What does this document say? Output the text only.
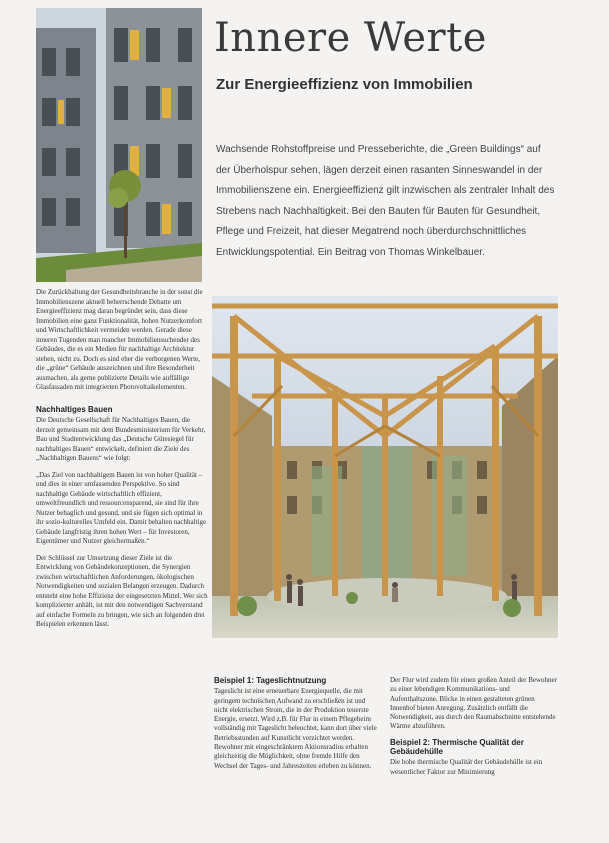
Innere Werte
Zur Energieeffizienz von Immobilien

Wachsende Rohstoffpreise und Presseberichte, die „Green Buildings“ auf der Überholspur sehen, lägen derzeit einen rasanten Sinneswandel in der Immobilienszene ein. Energieeffizienz gilt inzwischen als zentraler Inhalt des Strebens nach Nachhaltigkeit. Bei den Bauten für Bauten für Gesundheit, Pflege und Freizeit, hat dieser Megatrend noch überdurchschnittliches Entwicklungspotential. Ein Beitrag von Thomas Winkelbauer.

Die Zurückhaltung der Gesundheitsbranche in der sonst die Immobilienszene aktuell beherrschende Debatte um Energieeffizienz mag daran begründet sein, dass diese Immobilien eine ganz Funktionalität, hohen Nutzerkomfort und Wirtschaftlichkeit vermeiden werden. Gerade diese inneren Tugenden man mancher Immobiliensuchender des Gebäudes, die es ein Medien für nachhaltige Architektur stehen, nicht zu. Doch es sind eher die verborgenen Werte, die „grüne“ Gebäude auszeichnen und ihre Besonderheit ausmachen, als gerne publizierte Details wie auffällige Glasfassaden mit integrierten Photovoltaikelementen.

Nachhaltiges Bauen

Die Deutsche Gesellschaft für Nachhaltiges Bauen, die derzeit gemeinsam mit dem Bundesministerium für Verkehr, Bau und Stadtentwicklung das „Deutsche Gütesiegel für nachhaltiges Bauen“ entwickelt, definiert die Ziele des „Nachhaltigen Bauens“ wie folgt:

„Das Ziel von nachhaltigem Bauen ist von hoher Qualität – und dies in einer umfassenden Perspektive. So sind nachhaltige Gebäude wirtschaftlich effizient, umweltfreundlich und ressourcensparend, sie sind für ihre Nutzer behaglich und gesund, und sie fügen sich optimal in ihr sozio-kulturelles Umfeld ein. Damit behalten nachhaltige Gebäude langfristig ihren hohen Wert – für Investoren, Eigentümer und Nutzer gleichermaßen.“

Der Schlüssel zur Umsetzung dieser Ziele ist die Entwicklung von Gebäudekonzeptionen, die Synergien zwischen wirtschaftlichen Anforderungen, ökologischen Notwendigkeiten und sozialen Belangen erzeugen. Dadurch entsteht eine hohe Effizienz der eingesetzten Mittel. Wer sich komplizierter anhält, ist mit den notwendigen Sachverstand auf einfache Formeln zu bringen, wie sich an folgenden drei Beispielen erkennen lässt.

Beispiel 1: Tageslichtnutzung

Tageslicht ist eine erneuerbare Energiequelle, die mit geringem technischen Aufwand zu erschließen ist und nicht elektrischen Strom, die in der Produktion teuerste Energie, ersetzt. Wird z.B. für Flur in einem Pflegeheim vollständig mit Tageslicht beleuchtet, kann dort über viele Betriebsstunden auf Kunstlicht verzichtet werden. Bewohner mit eingeschränktem Aktionsradius erhalten gleichzeitig die Möglichkeit, ohne fremde Hilfe den Wechsel der Tages- und Jahreszeiten erleben zu können.

Der Flur wird zudem für einen großen Anteil der Bewohner zu einer lebendigen Kommunikations- und Aufenthaltszone. Blicke in einen gestalteten grünen Innenhof bieten Anregung. Zusätzlich entfällt die Notwendigkeit, aus durch den Raumabschnitte entstehende Wärme abzuführen.

Beispiel 2: Thermische Qualität der Gebäudehülle

Die hohe thermische Qualität der Gebäudehülle ist ein wesentlicher Faktor zur Minimierung
